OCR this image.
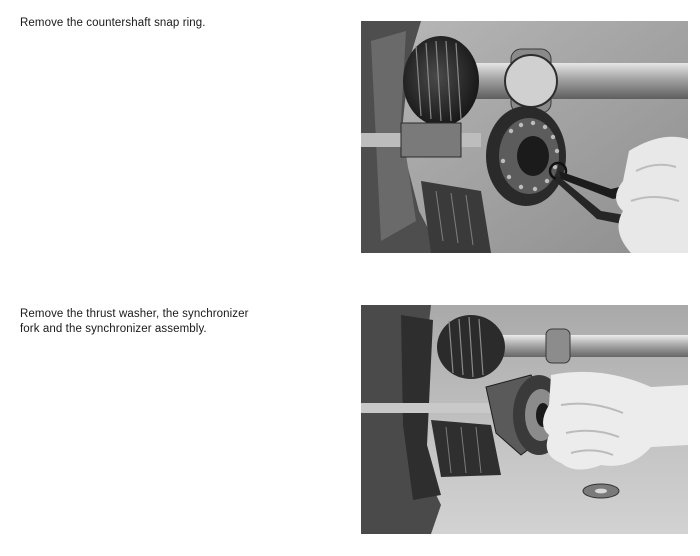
Remove the countershaft snap ring.
Remove the thrust washer, the synchronizer
fork and the synchronizer assembly.
